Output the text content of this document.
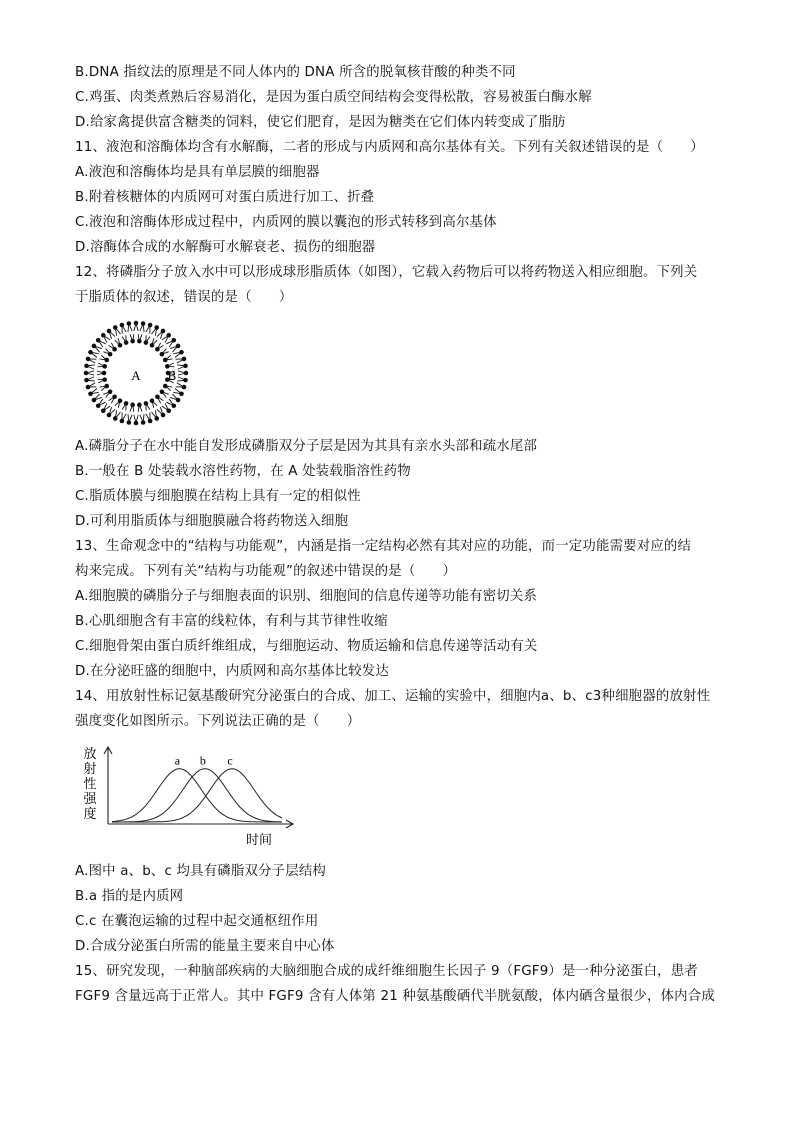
B.DNA 指纹法的原理是不同人体内的 DNA 所含的脱氧核苷酸的种类不同
C.鸡蛋、肉类煮熟后容易消化，是因为蛋白质空间结构会变得松散，容易被蛋白酶水解
D.给家禽提供富含糖类的饲料，使它们肥育，是因为糖类在它们体内转变成了脂肪
11、液泡和溶酶体均含有水解酶，二者的形成与内质网和高尔基体有关。下列有关叙述错误的是（　　）
A.液泡和溶酶体均是具有单层膜的细胞器
B.附着核糖体的内质网可对蛋白质进行加工、折叠
C.液泡和溶酶体形成过程中，内质网的膜以囊泡的形式转移到高尔基体
D.溶酶体合成的水解酶可水解衰老、损伤的细胞器
12、将磷脂分子放入水中可以形成球形脂质体（如图），它载入药物后可以将药物送入相应细胞。下列关
于脂质体的叙述，错误的是（　　）
A B
A.磷脂分子在水中能自发形成磷脂双分子层是因为其具有亲水头部和疏水尾部
B.一般在 B 处装载水溶性药物，在 A 处装载脂溶性药物
C.脂质体膜与细胞膜在结构上具有一定的相似性
D.可利用脂质体与细胞膜融合将药物送入细胞
13、生命观念中的“结构与功能观”，内涵是指一定结构必然有其对应的功能，而一定功能需要对应的结
构来完成。下列有关“结构与功能观”的叙述中错误的是（　　）
A.细胞膜的磷脂分子与细胞表面的识别、细胞间的信息传递等功能有密切关系
B.心肌细胞含有丰富的线粒体，有利与其节律性收缩
C.细胞骨架由蛋白质纤维组成，与细胞运动、物质运输和信息传递等活动有关
D.在分泌旺盛的细胞中，内质网和高尔基体比较发达
14、用放射性标记氨基酸研究分泌蛋白的合成、加工、运输的实验中，细胞内a、b、c3种细胞器的放射性
强度变化如图所示。下列说法正确的是（　　）
放
射
性
强
度
时间
a b c
A.图中 a、b、c 均具有磷脂双分子层结构
B.a 指的是内质网
C.c 在囊泡运输的过程中起交通枢纽作用
D.合成分泌蛋白所需的能量主要来自中心体
15、研究发现，一种脑部疾病的大脑细胞合成的成纤维细胞生长因子 9（FGF9）是一种分泌蛋白，患者
FGF9 含量远高于正常人。其中 FGF9 含有人体第 21 种氨基酸硒代半胱氨酸，体内硒含量很少，体内合成
